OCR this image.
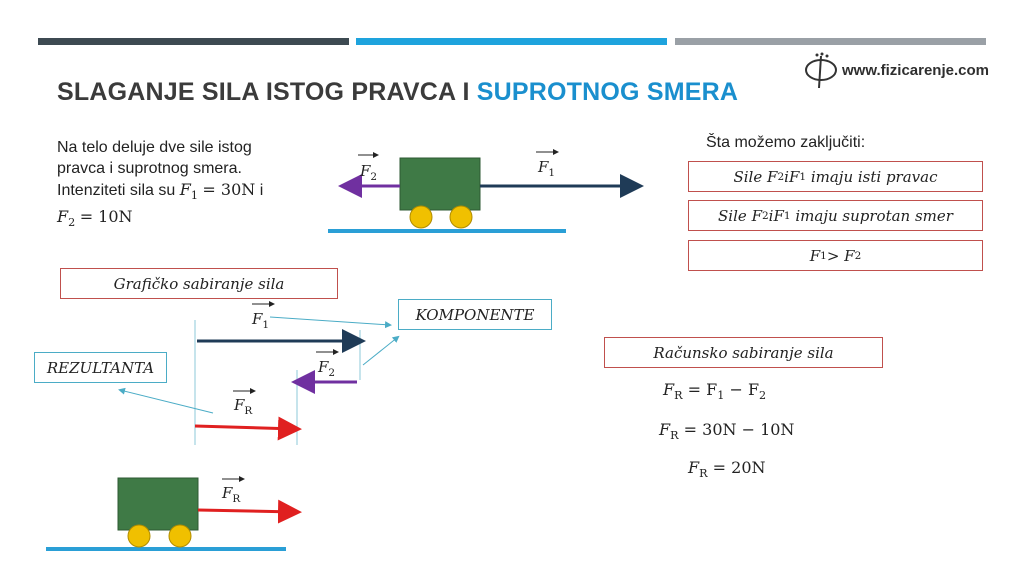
SLAGANJE SILA ISTOG PRAVCA I SUPROTNOG SMERA
www.fizicarenje.com
Na telo deluje dve sile istog pravca i suprotnog smera. Intenziteti sila su $F_1 = 30N$ i
$F_2 = 10N$
$F_2$
$F_1$
Šta možemo zaključiti:
Sile
F 2 i F 1
imaju isti pravac
Sile
F 2 i F 1
imaju suprotan smer
F 1 >
F 2
Grafičko sabiranje sila
KOMPONENTE
REZULTANTA
$F_1$
$F_2$
$F_R$
$F_R$
Računsko sabiranje sila
$F_R = F_1 - F_2$
$F_R = 30N - 10N$
$F_R = 20N$
